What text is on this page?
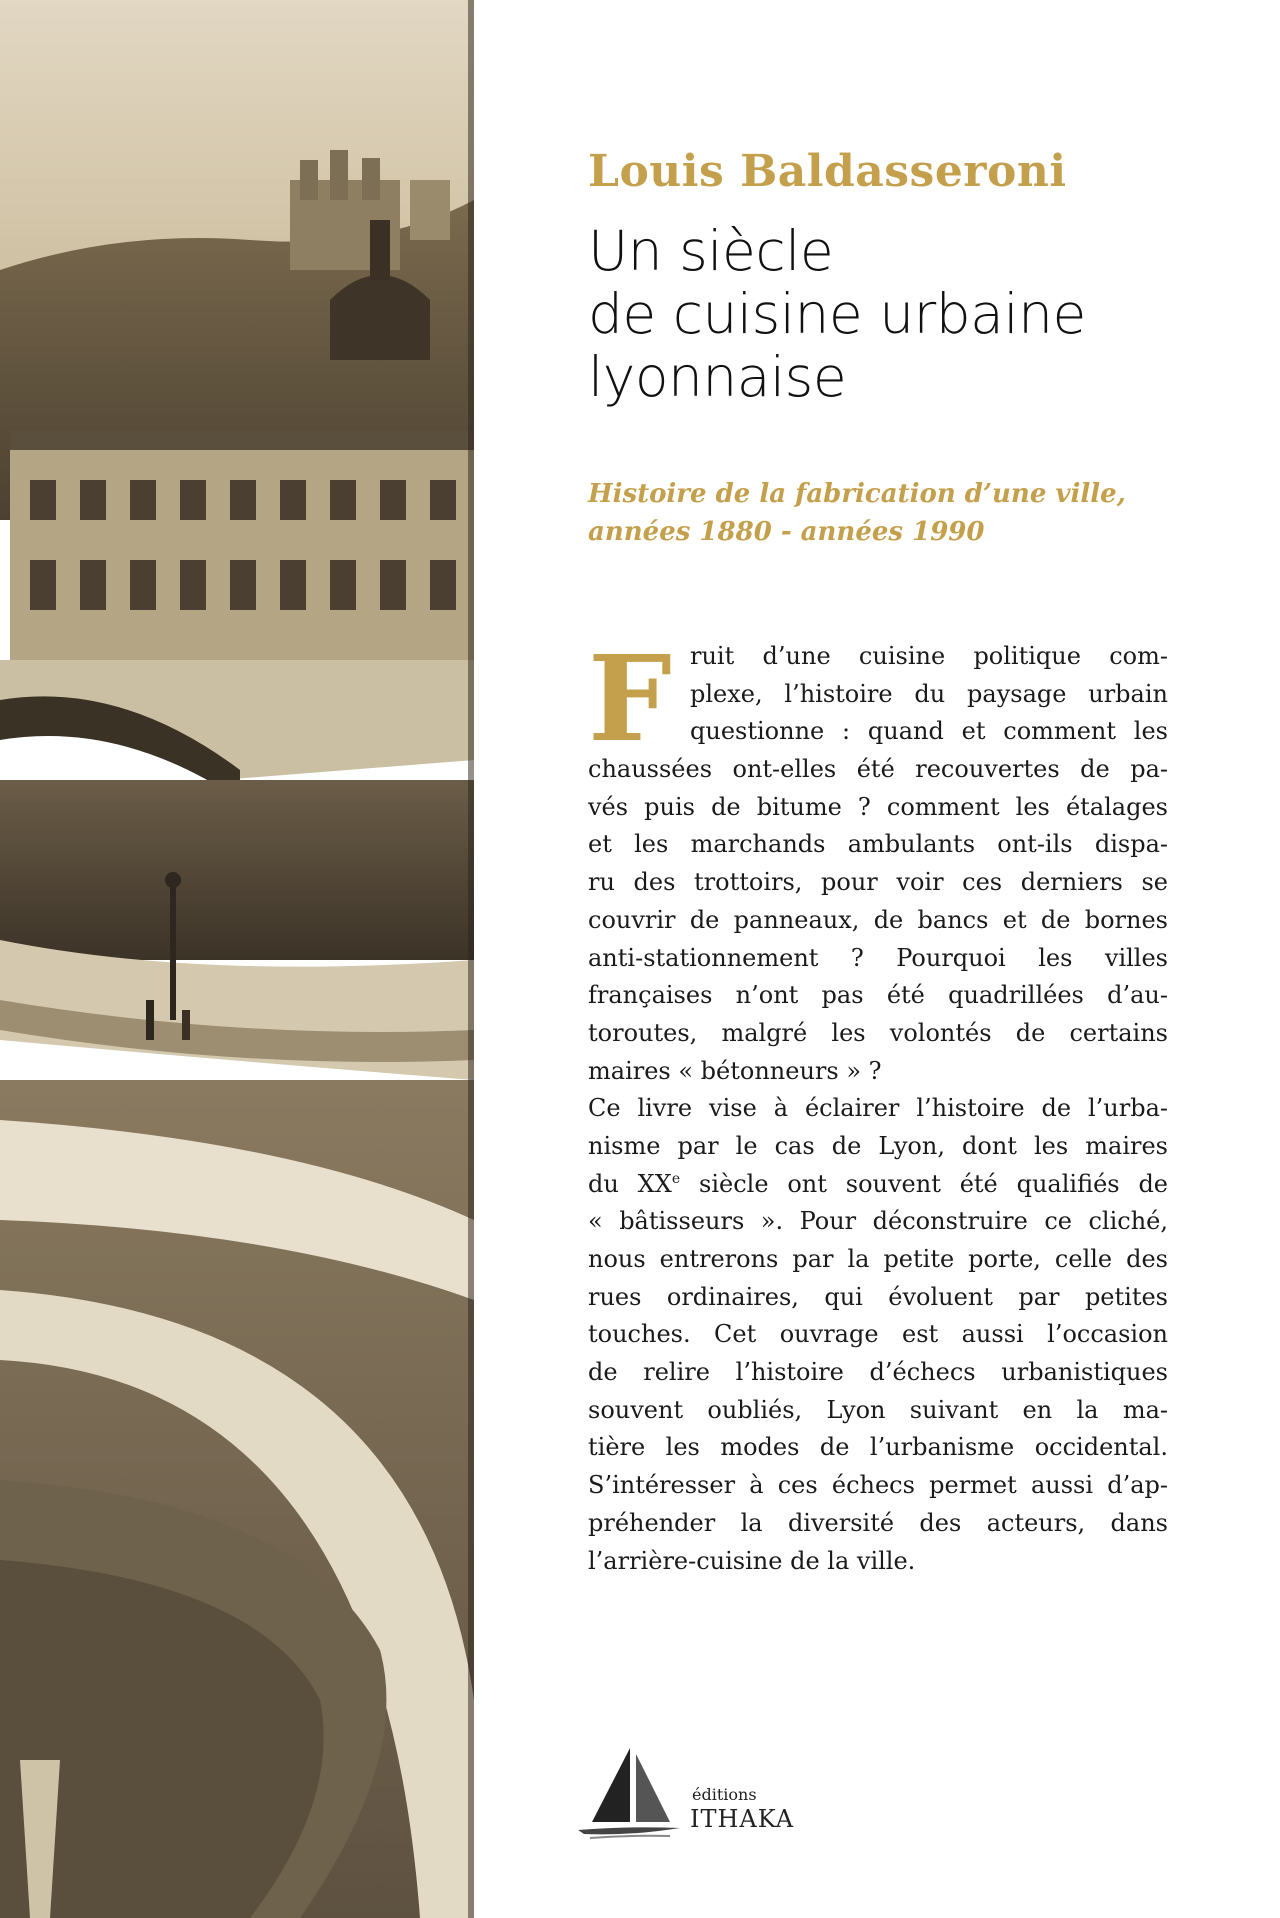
Louis Baldasseroni
Un siècle
de cuisine urbaine
lyonnaise
Histoire de la fabrication d’une ville,
années 1880 - années 1990
F ruit d’une cuisine politique com-
plexe, l’histoire du paysage urbain
questionne : quand et comment les
chaussées ont-elles été recouvertes de pa-
vés puis de bitume ? comment les étalages
et les marchands ambulants ont-ils dispa-
ru des trottoirs, pour voir ces derniers se
couvrir de panneaux, de bancs et de bornes
anti-stationnement ? Pourquoi les villes
françaises n’ont pas été quadrillées d’au-
toroutes, malgré les volontés de certains
maires « bétonneurs » ?
Ce livre vise à éclairer l’histoire de l’urba-
nisme par le cas de Lyon, dont les maires
du XXe siècle ont souvent été qualifiés de
« bâtisseurs ». Pour déconstruire ce cliché,
nous entrerons par la petite porte, celle des
rues ordinaires, qui évoluent par petites
touches. Cet ouvrage est aussi l’occasion
de relire l’histoire d’échecs urbanistiques
souvent oubliés, Lyon suivant en la ma-
tière les modes de l’urbanisme occidental.
S’intéresser à ces échecs permet aussi d’ap-
préhender la diversité des acteurs, dans
l’arrière-cuisine de la ville.
éditions
ITHAKA
